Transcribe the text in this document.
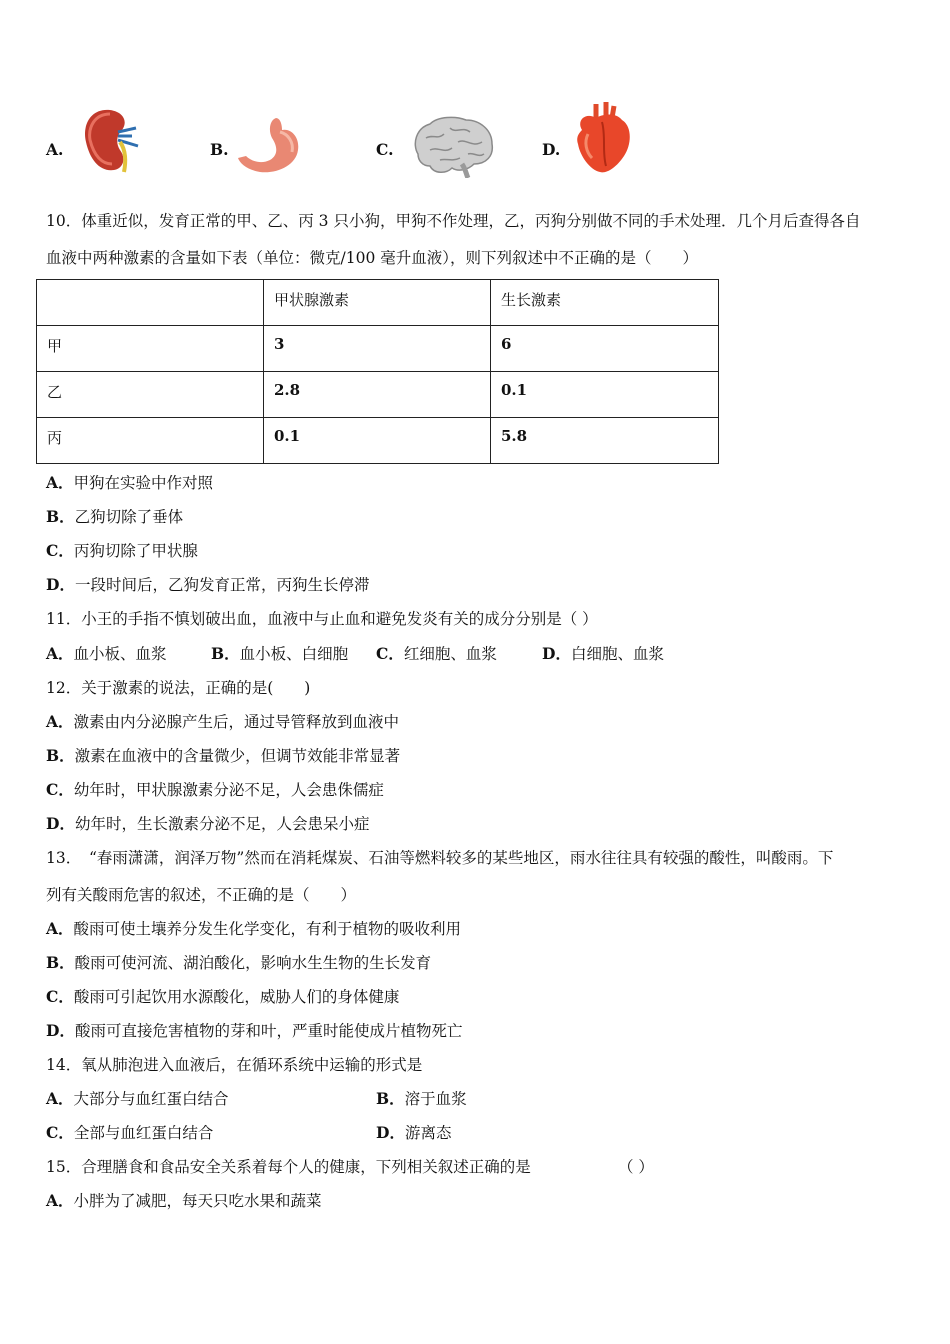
A.	B.	C.	D.
10．体重近似，发育正常的甲、乙、丙 3 只小狗，甲狗不作处理，乙，丙狗分别做不同的手术处理．几个月后查得各自
血液中两种激素的含量如下表（单位：微克/100 毫升血液），则下列叙述中不正确的是（　　）
	甲状腺激素	生长激素
甲	3	6
乙	2.8	0.1
丙	0.1	5.8
A．甲狗在实验中作对照
B．乙狗切除了垂体
C．丙狗切除了甲状腺
D．一段时间后，乙狗发育正常，丙狗生长停滞
11．小王的手指不慎划破出血，血液中与止血和避免发炎有关的成分分别是（ ）
A．血小板、血浆	B．血小板、白细胞 C．红细胞、血浆	D．白细胞、血浆
12．关于激素的说法，正确的是(　　)
A．激素由内分泌腺产生后，通过导管释放到血液中
B．激素在血液中的含量微少，但调节效能非常显著
C．幼年时，甲状腺激素分泌不足，人会患侏儒症
D．幼年时，生长激素分泌不足，人会患呆小症
13．　“春雨潇潇，润泽万物”然而在消耗煤炭、石油等燃料较多的某些地区，雨水往往具有较强的酸性，叫酸雨。下
列有关酸雨危害的叙述，不正确的是（　　）
A．酸雨可使土壤养分发生化学变化，有利于植物的吸收利用
B．酸雨可使河流、湖泊酸化，影响水生生物的生长发育
C．酸雨可引起饮用水源酸化，威胁人们的身体健康
D．酸雨可直接危害植物的芽和叶，严重时能使成片植物死亡
14．氧从肺泡进入血液后，在循环系统中运输的形式是
A．大部分与血红蛋白结合	B．溶于血浆
C．全部与血红蛋白结合	D．游离态
15．合理膳食和食品安全关系着每个人的健康，下列相关叙述正确的是	（ ）
A．小胖为了减肥，每天只吃水果和蔬菜
